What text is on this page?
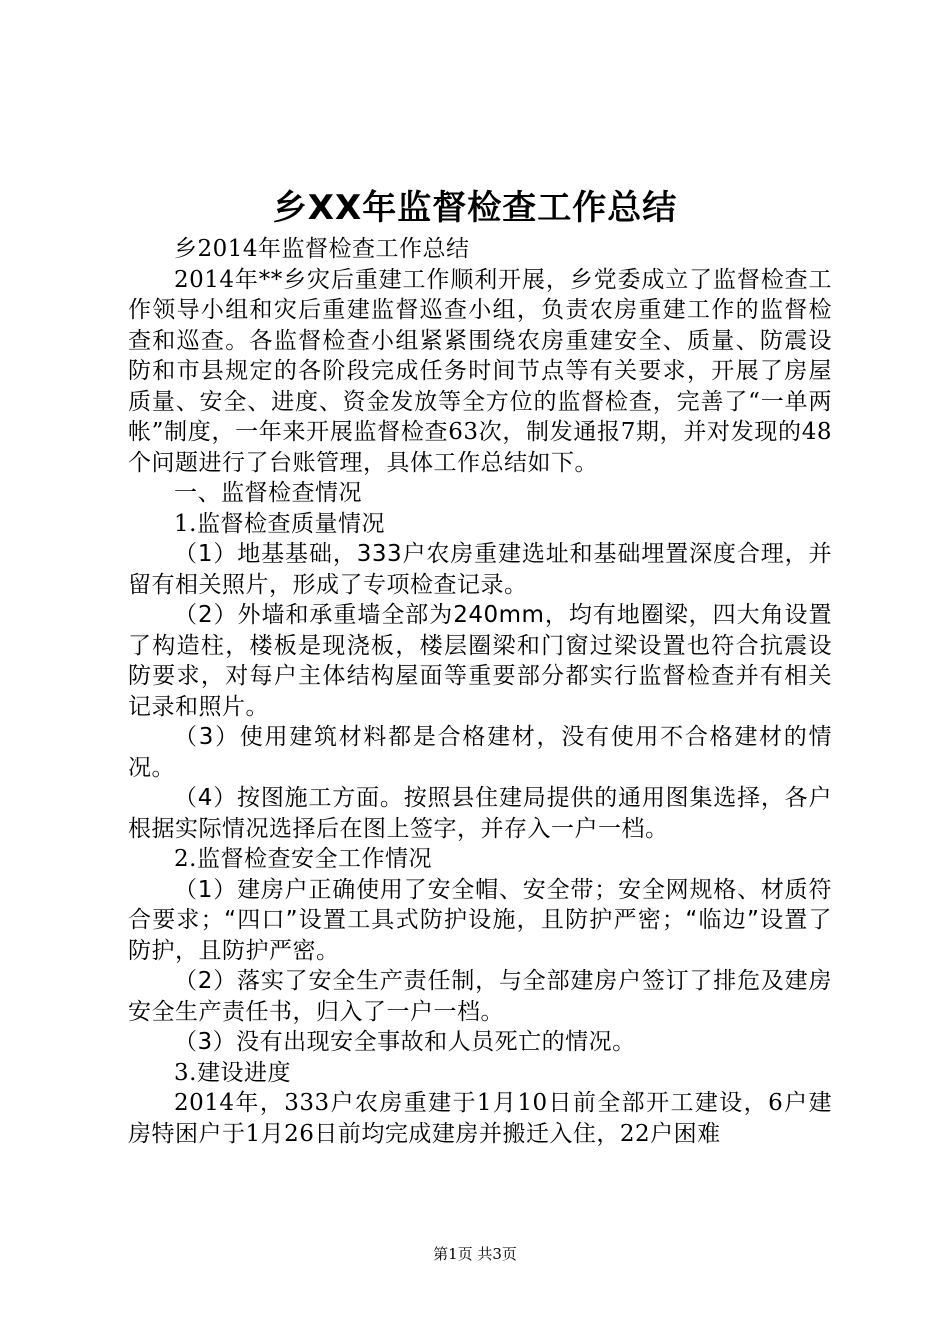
乡XX年监督检查工作总结

乡2014年监督检查工作总结

2014年**乡灾后重建工作顺利开展，乡党委成立了监督检查工作领导小组和灾后重建监督巡查小组，负责农房重建工作的监督检查和巡查。各监督检查小组紧紧围绕农房重建安全、质量、防震设防和市县规定的各阶段完成任务时间节点等有关要求，开展了房屋质量、安全、进度、资金发放等全方位的监督检查，完善了“一单两帐”制度，一年来开展监督检查63次，制发通报7期，并对发现的48个问题进行了台账管理，具体工作总结如下。

一、监督检查情况

1.监督检查质量情况

（1）地基基础，333户农房重建选址和基础埋置深度合理，并留有相关照片，形成了专项检查记录。

（2）外墙和承重墙全部为240mm，均有地圈梁，四大角设置了构造柱，楼板是现浇板，楼层圈梁和门窗过梁设置也符合抗震设防要求，对每户主体结构屋面等重要部分都实行监督检查并有相关记录和照片。

（3）使用建筑材料都是合格建材，没有使用不合格建材的情况。

（4）按图施工方面。按照县住建局提供的通用图集选择，各户根据实际情况选择后在图上签字，并存入一户一档。

2.监督检查安全工作情况

（1）建房户正确使用了安全帽、安全带；安全网规格、材质符合要求；“四口”设置工具式防护设施，且防护严密；“临边”设置了防护，且防护严密。

（2）落实了安全生产责任制，与全部建房户签订了排危及建房安全生产责任书，归入了一户一档。

（3）没有出现安全事故和人员死亡的情况。

3.建设进度

2014年，333户农房重建于1月10日前全部开工建设，6户建房特困户于1月26日前均完成建房并搬迁入住，22户困难

第1页 共3页
